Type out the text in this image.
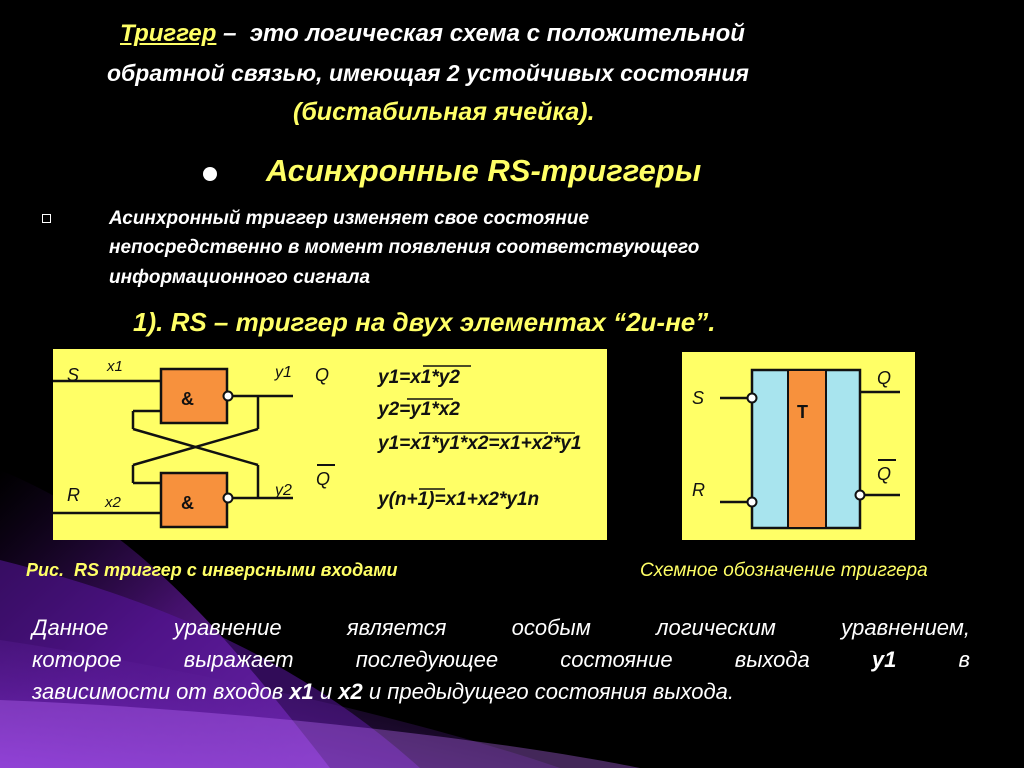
Триггер – это логическая схема с положительной
обратной связью, имеющая 2 устойчивых состояния
(бистабильная ячейка).
Асинхронные RS-триггеры
Асинхронный триггер изменяет свое состояние
непосредственно в момент появления соответствующего
информационного сигнала
1). RS – триггер на двух элементах “2и-не”.
&
&
S
R
x1
x2
y1
y2
Q
Q
y1=x1*y2
y2=y1*x2
y1=x1*y1*x2=x1+x2*y1
y(n+1)=x1+x2*y1n
T
S
R
Q
Q
Рис. RS триггер с инверсными входами	Схемное обозначение триггера
Данное уравнение является особым логическим уравнением,
которое выражает последующее состояние выхода	у1	в
зависимости от входов х1 и х2 и предыдущего состояния выхода.
